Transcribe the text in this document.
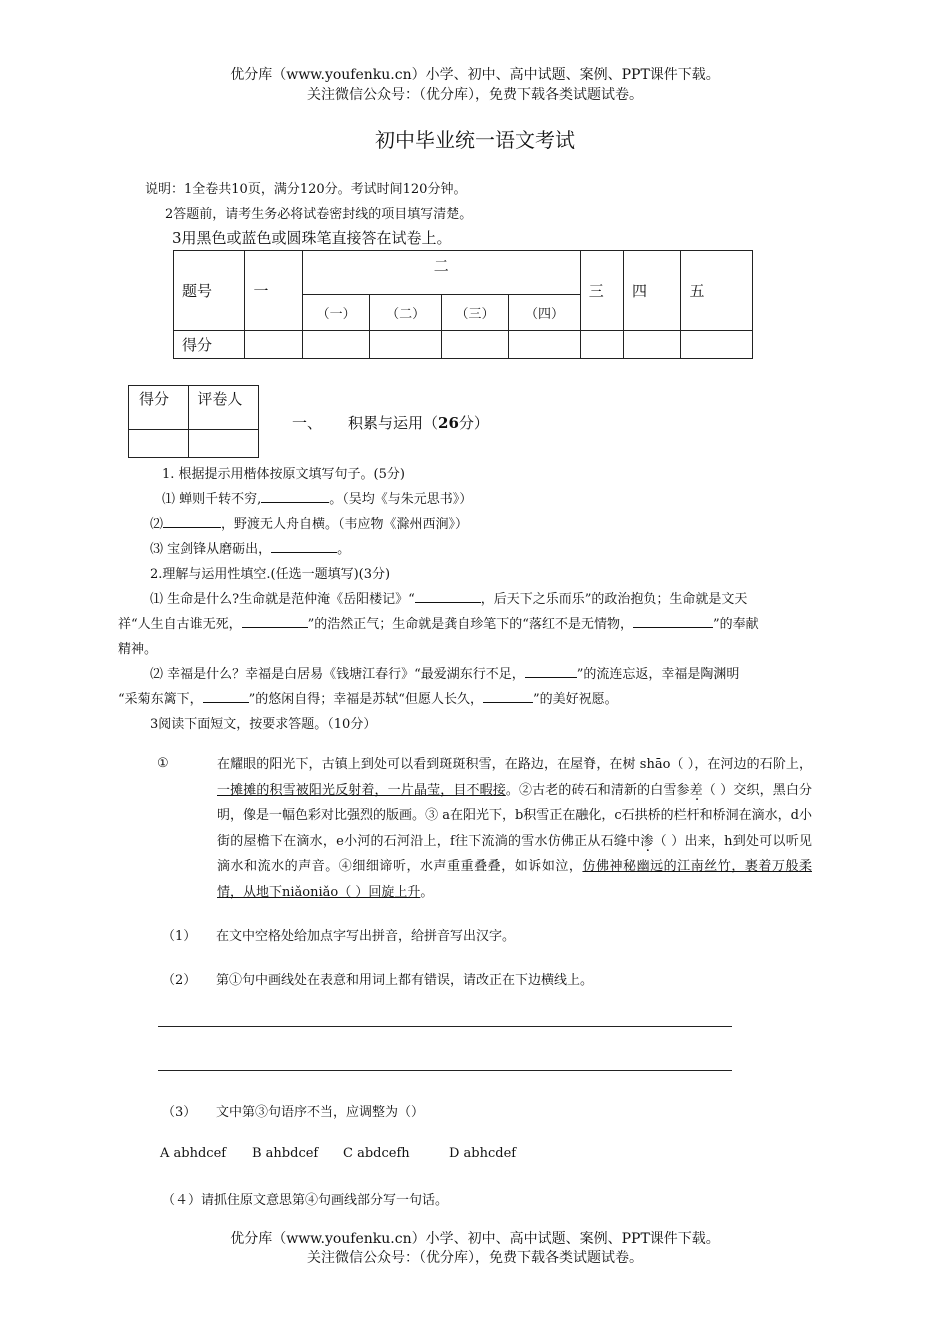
优分库（www.youfenku.cn）小学、初中、高中试题、案例、PPT课件下载。
关注微信公众号：（优分库），免费下载各类试题试卷。
初中毕业统一语文考试
说明：1全卷共10页，满分120分。考试时间120分钟。
2答题前，请考生务必将试卷密封线的项目填写清楚。
3用黑色或蓝色或圆珠笔直接答在试卷上。
题号	一	二				三	四	五
		（一）	（二）	（三）	（四）			
得分								
得分	评卷人

一、 积累与运用（26分）
1. 根据提示用楷体按原文填写句子。(5分)
⑴ 蝉则千转不穷,	。（吴均《与朱元思书》）
⑵	，野渡无人舟自横。（韦应物《滁州西涧》）
⑶ 宝剑锋从磨砺出，	。
2.理解与运用性填空.(任选一题填写)(3分)
⑴ 生命是什么?生命就是范仲淹《岳阳楼记》“	，后天下之乐而乐”的政治抱负；生命就是文天
祥“人生自古谁无死，	”的浩然正气；生命就是龚自珍笔下的“落红不是无情物，	”的奉献
精神。
⑵ 幸福是什么？幸福是白居易《钱塘江春行》“最爱湖东行不足，	”的流连忘返，幸福是陶渊明
“采菊东篱下，	”的悠闲自得；幸福是苏轼“但愿人长久，	”的美好祝愿。
3阅读下面短文，按要求答题。（10分）
①	在耀眼的阳光下，古镇上到处可以看到斑斑积雪，在路边，在屋脊，在树 shāo（ ），在河边的石阶上，一摊摊的积雪被阳光反射着，一片晶莹，目不暇接。②古老的砖石和清新的白雪参差（ ）交织，黑白分明，像是一幅色彩对比强烈的版画。③ a在阳光下，b积雪正在融化，c石拱桥的栏杆和桥洞在滴水，d小街的屋檐下在滴水，e小河的石河沿上，f往下流淌的雪水仿佛正从石缝中渗（ ）出来，h到处可以听见滴水和流水的声音。④细细谛听，水声重重叠叠，如诉如泣，仿佛神秘幽远的江南丝竹，裹着万般柔情，从地下niǎoniǎo（ ）回旋上升。
（1） 在文中空格处给加点字写出拼音，给拼音写出汉字。
（2） 第①句中画线处在表意和用词上都有错误，请改正在下边横线上。
（3） 文中第③句语序不当，应调整为（）
A abhdcef B ahbdcef C abdcefh	D abhcdef
（４）请抓住原文意思第④句画线部分写一句话。
优分库（www.youfenku.cn）小学、初中、高中试题、案例、PPT课件下载。
关注微信公众号：（优分库），免费下载各类试题试卷。
